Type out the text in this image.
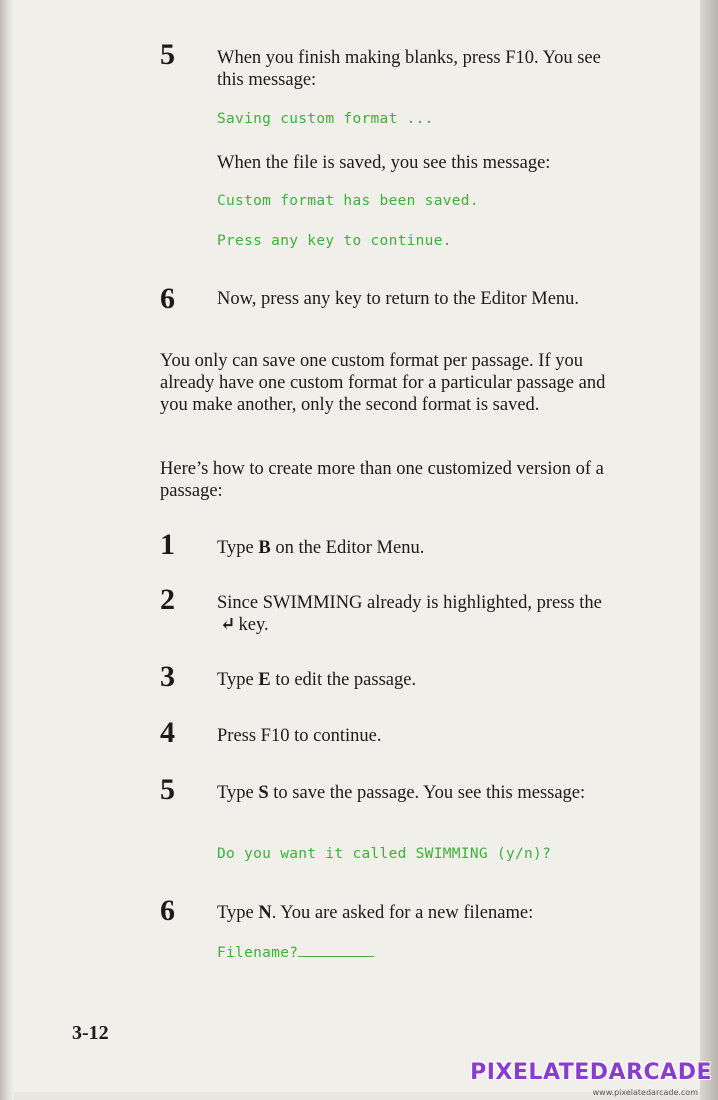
5	When you finish making blanks, press F10. You see this message:
Saving custom format ...
When the file is saved, you see this message:
Custom format has been saved.
Press any key to continue.
6	Now, press any key to return to the Editor Menu.
You only can save one custom format per passage. If you already have one custom format for a particular passage and you make another, only the second format is saved.
Here’s how to create more than one customized version of a passage:
1	Type B on the Editor Menu.
2	Since SWIMMING already is highlighted, press the ↵ key.
3	Type E to edit the passage.
4	Press F10 to continue.
5	Type S to save the passage. You see this message:
Do you want it called SWIMMING (y/n)?
6	Type N. You are asked for a new filename:
Filename?
3-12
PIXELATEDARCADE
www.pixelatedarcade.com
